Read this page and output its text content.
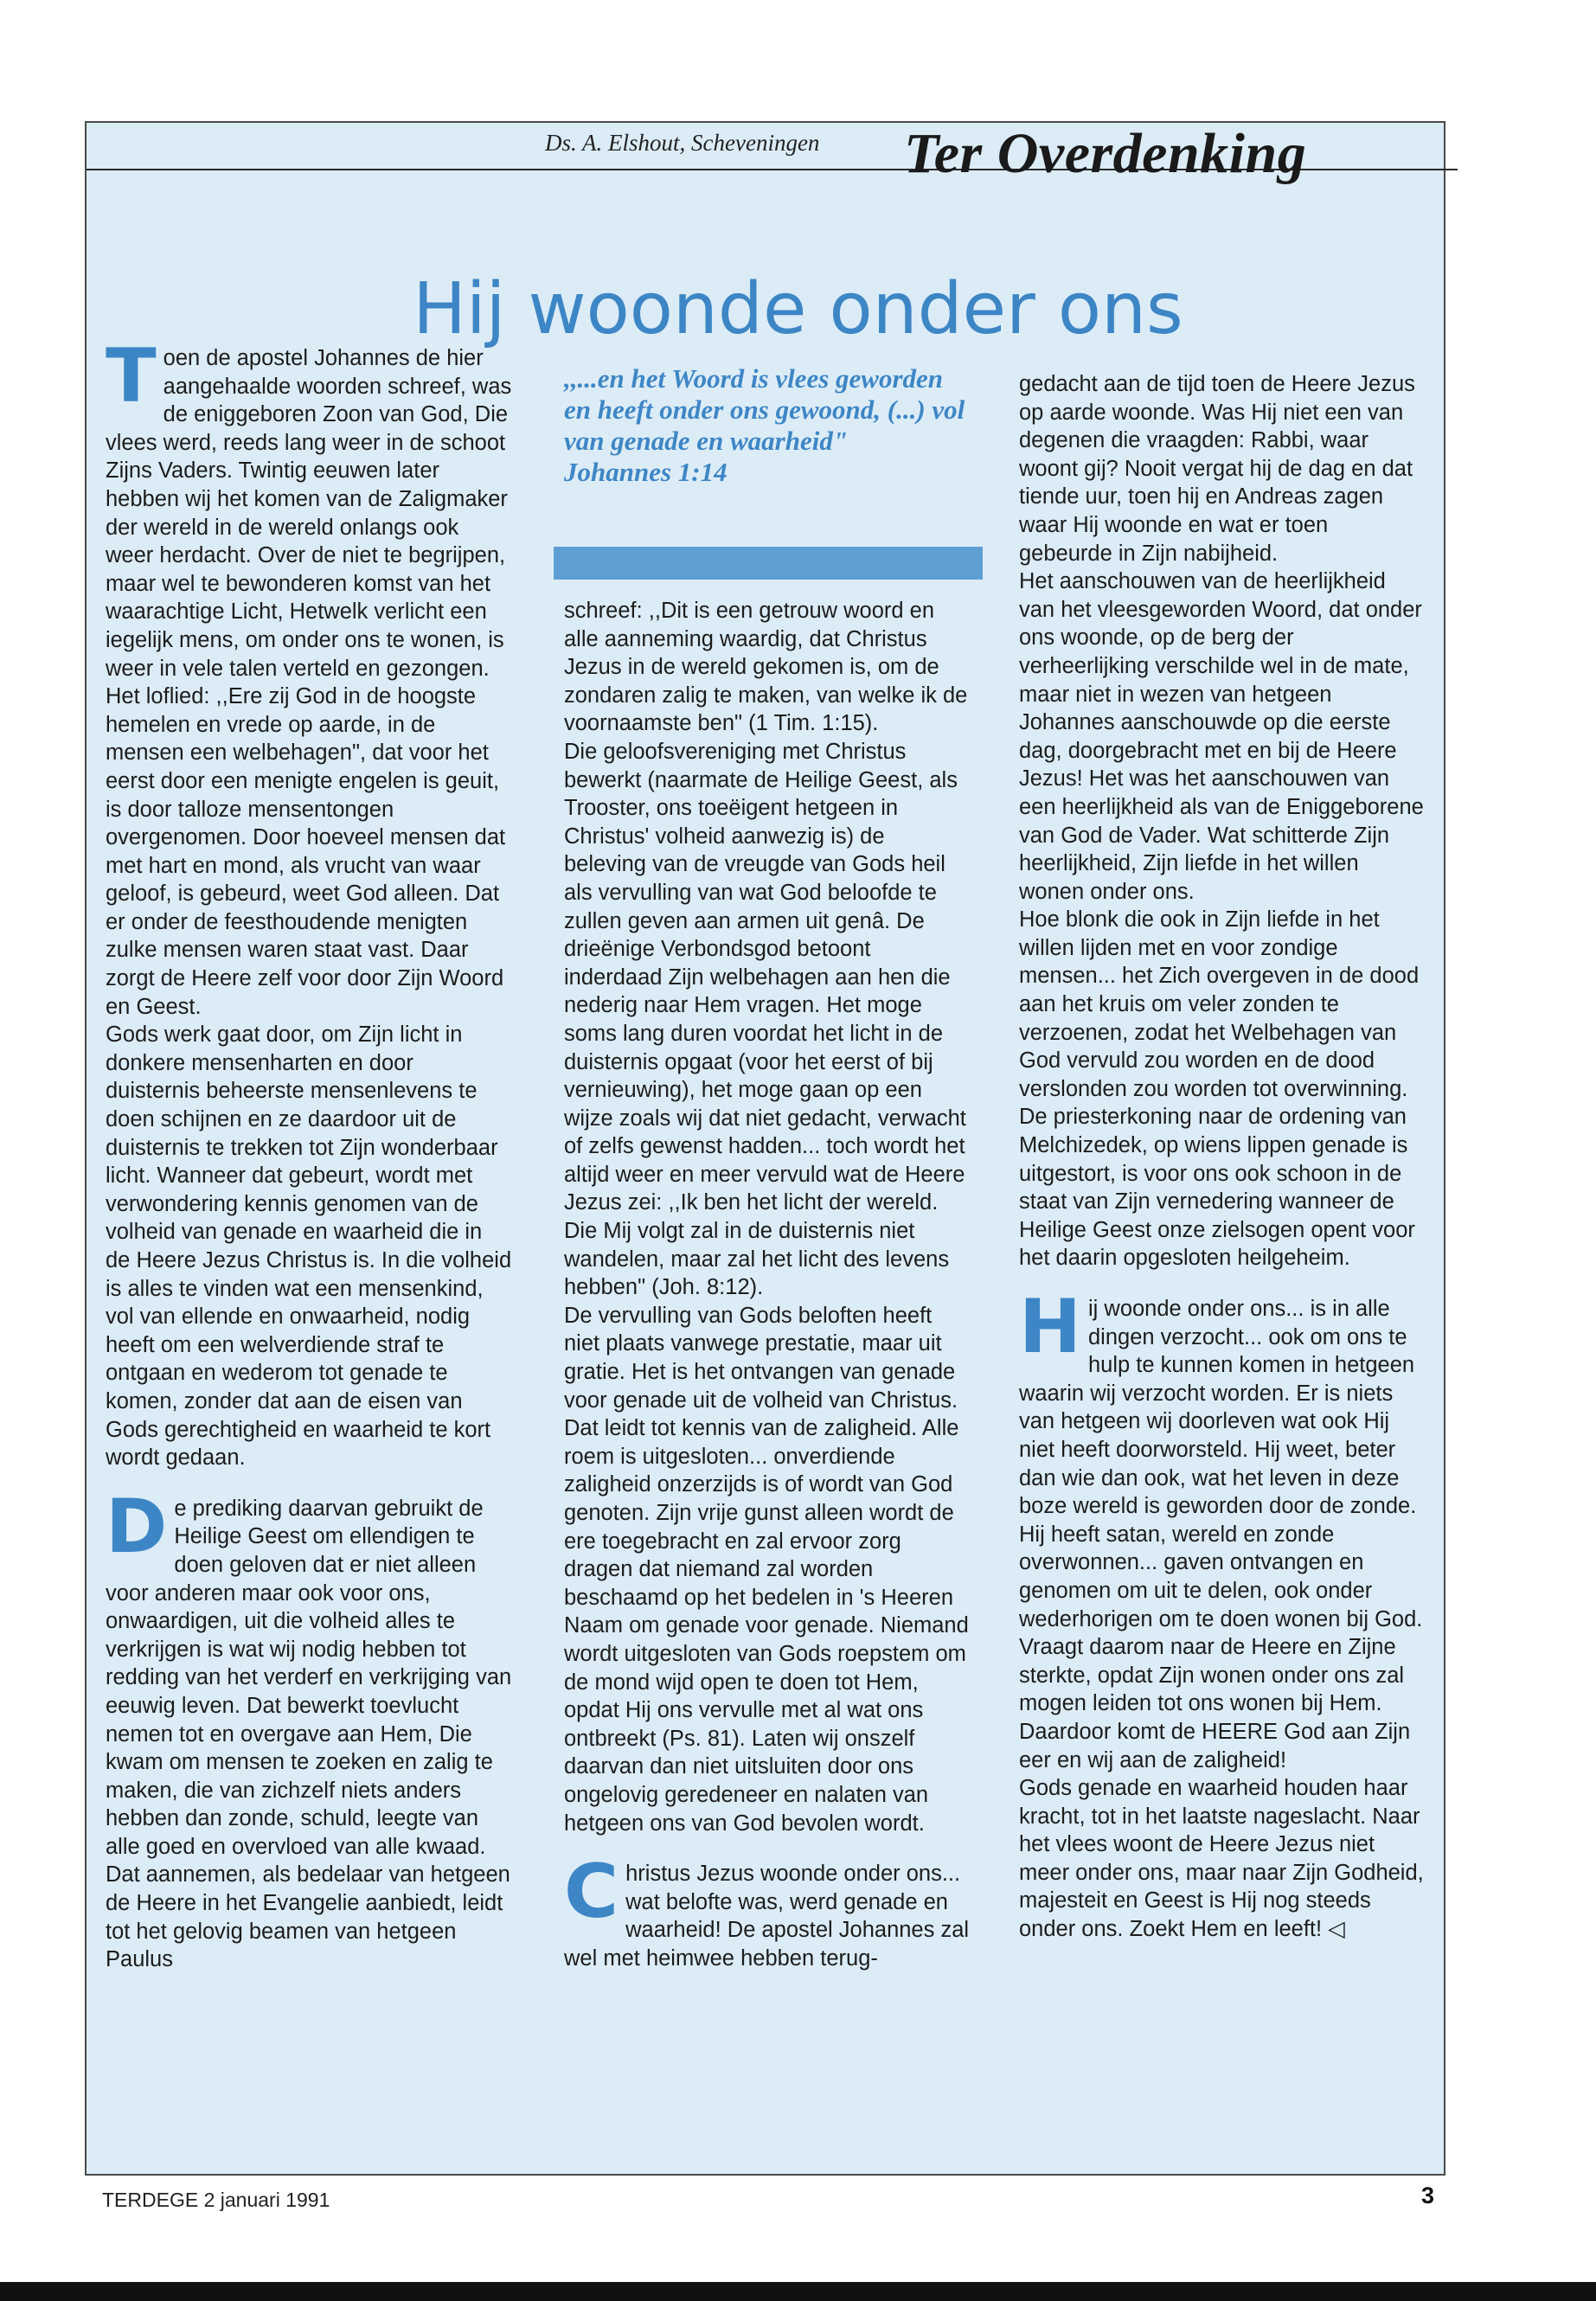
Ds. A. Elshout, Scheveningen Ter Overdenking
Hij woonde onder ons

Toen de apostel Johannes de hier aangehaalde woorden schreef, was de eniggeboren Zoon van God, Die vlees werd, reeds lang weer in de schoot Zijns Vaders. Twintig eeuwen later hebben wij het komen van de Zaligmaker der wereld in de wereld onlangs ook weer herdacht. Over de niet te begrijpen, maar wel te bewonderen komst van het waarachtige Licht, Hetwelk verlicht een iegelijk mens, om onder ons te wonen, is weer in vele talen verteld en gezongen.

Het loflied: ,,Ere zij God in de hoogste hemelen en vrede op aarde, in de mensen een welbehagen", dat voor het eerst door een menigte engelen is geuit, is door talloze mensentongen overgenomen. Door hoeveel mensen dat met hart en mond, als vrucht van waar geloof, is gebeurd, weet God alleen. Dat er onder de feesthoudende menigten zulke mensen waren staat vast. Daar zorgt de Heere zelf voor door Zijn Woord en Geest.

Gods werk gaat door, om Zijn licht in donkere mensenharten en door duisternis beheerste mensenlevens te doen schijnen en ze daardoor uit de duisternis te trekken tot Zijn wonderbaar licht. Wanneer dat gebeurt, wordt met verwondering kennis genomen van de volheid van genade en waarheid die in de Heere Jezus Christus is. In die volheid is alles te vinden wat een mensenkind, vol van ellende en onwaarheid, nodig heeft om een welverdiende straf te ontgaan en wederom tot genade te komen, zonder dat aan de eisen van Gods gerechtigheid en waarheid te kort wordt gedaan.

De prediking daarvan gebruikt de Heilige Geest om ellendigen te doen geloven dat er niet alleen voor anderen maar ook voor ons, onwaardigen, uit die volheid alles te verkrijgen is wat wij nodig hebben tot redding van het verderf en verkrijging van eeuwig leven. Dat bewerkt toevlucht nemen tot en overgave aan Hem, Die kwam om mensen te zoeken en zalig te maken, die van zichzelf niets anders hebben dan zonde, schuld, leegte van alle goed en overvloed van alle kwaad. Dat aannemen, als bedelaar van hetgeen de Heere in het Evangelie aanbiedt, leidt tot het gelovig beamen van hetgeen Paulus

,,...en het Woord is vlees geworden en heeft onder ons gewoond, (...) vol van genade en waarheid"
Johannes 1:14

schreef: ,,Dit is een getrouw woord en alle aanneming waardig, dat Christus Jezus in de wereld gekomen is, om de zondaren zalig te maken, van welke ik de voornaamste ben" (1 Tim. 1:15).

Die geloofsvereniging met Christus bewerkt (naarmate de Heilige Geest, als Trooster, ons toeëigent hetgeen in Christus' volheid aanwezig is) de beleving van de vreugde van Gods heil als vervulling van wat God beloofde te zullen geven aan armen uit genâ. De drieënige Verbondsgod betoont inderdaad Zijn welbehagen aan hen die nederig naar Hem vragen. Het moge soms lang duren voordat het licht in de duisternis opgaat (voor het eerst of bij vernieuwing), het moge gaan op een wijze zoals wij dat niet gedacht, verwacht of zelfs gewenst hadden... toch wordt het altijd weer en meer vervuld wat de Heere Jezus zei: ,,Ik ben het licht der wereld. Die Mij volgt zal in de duisternis niet wandelen, maar zal het licht des levens hebben" (Joh. 8:12).

De vervulling van Gods beloften heeft niet plaats vanwege prestatie, maar uit gratie. Het is het ontvangen van genade voor genade uit de volheid van Christus. Dat leidt tot kennis van de zaligheid. Alle roem is uitgesloten... onverdiende zaligheid onzerzijds is of wordt van God genoten. Zijn vrije gunst alleen wordt de ere toegebracht en zal ervoor zorg dragen dat niemand zal worden beschaamd op het bedelen in 's Heeren Naam om genade voor genade. Niemand wordt uitgesloten van Gods roepstem om de mond wijd open te doen tot Hem, opdat Hij ons vervulle met al wat ons ontbreekt (Ps. 81). Laten wij onszelf daarvan dan niet uitsluiten door ons ongelovig geredeneer en nalaten van hetgeen ons van God bevolen wordt.

Christus Jezus woonde onder ons... wat belofte was, werd genade en waarheid! De apostel Johannes zal wel met heimwee hebben terug-

gedacht aan de tijd toen de Heere Jezus op aarde woonde. Was Hij niet een van degenen die vraagden: Rabbi, waar woont gij? Nooit vergat hij de dag en dat tiende uur, toen hij en Andreas zagen waar Hij woonde en wat er toen gebeurde in Zijn nabijheid.

Het aanschouwen van de heerlijkheid van het vleesgeworden Woord, dat onder ons woonde, op de berg der verheerlijking verschilde wel in de mate, maar niet in wezen van hetgeen Johannes aanschouwde op die eerste dag, doorgebracht met en bij de Heere Jezus! Het was het aanschouwen van een heerlijkheid als van de Eniggeborene van God de Vader. Wat schitterde Zijn heerlijkheid, Zijn liefde in het willen wonen onder ons.

Hoe blonk die ook in Zijn liefde in het willen lijden met en voor zondige mensen... het Zich overgeven in de dood aan het kruis om veler zonden te verzoenen, zodat het Welbehagen van God vervuld zou worden en de dood verslonden zou worden tot overwinning. De priesterkoning naar de ordening van Melchizedek, op wiens lippen genade is uitgestort, is voor ons ook schoon in de staat van Zijn vernedering wanneer de Heilige Geest onze zielsogen opent voor het daarin opgesloten heilgeheim.

Hij woonde onder ons... is in alle dingen verzocht... ook om ons te hulp te kunnen komen in hetgeen waarin wij verzocht worden. Er is niets van hetgeen wij doorleven wat ook Hij niet heeft doorworsteld. Hij weet, beter dan wie dan ook, wat het leven in deze boze wereld is geworden door de zonde. Hij heeft satan, wereld en zonde overwonnen... gaven ontvangen en genomen om uit te delen, ook onder wederhorigen om te doen wonen bij God.

Vraagt daarom naar de Heere en Zijne sterkte, opdat Zijn wonen onder ons zal mogen leiden tot ons wonen bij Hem. Daardoor komt de HEERE God aan Zijn eer en wij aan de zaligheid!

Gods genade en waarheid houden haar kracht, tot in het laatste nageslacht. Naar het vlees woont de Heere Jezus niet meer onder ons, maar naar Zijn Godheid, majesteit en Geest is Hij nog steeds onder ons. Zoekt Hem en leeft! ◁

TERDEGE 2 januari 1991	3
